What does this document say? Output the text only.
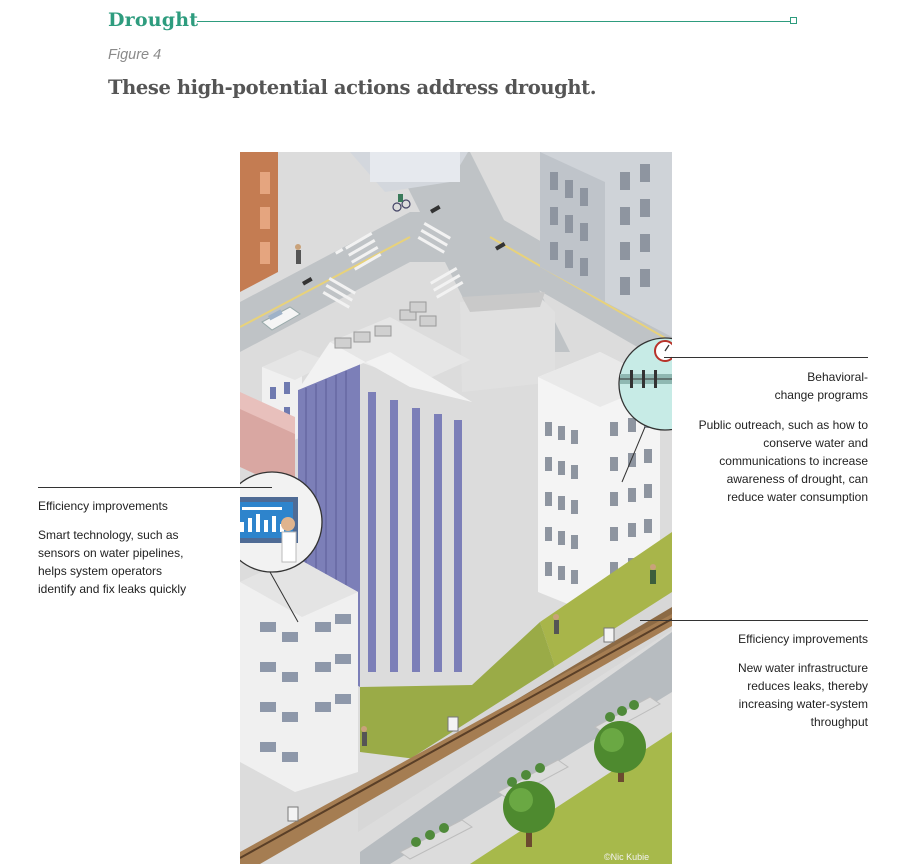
Drought
Figure 4
These high-potential actions address drought.
©Nic Kubie
Efficiency improvements
Smart technology, such as sensors on water pipelines, helps system operators identify and fix leaks quickly
Behavioral-
change programs
Public outreach, such as how to conserve water and communications to increase awareness of drought, can reduce water consumption
Efficiency improvements
New water infrastructure reduces leaks, thereby increasing water-system throughput
